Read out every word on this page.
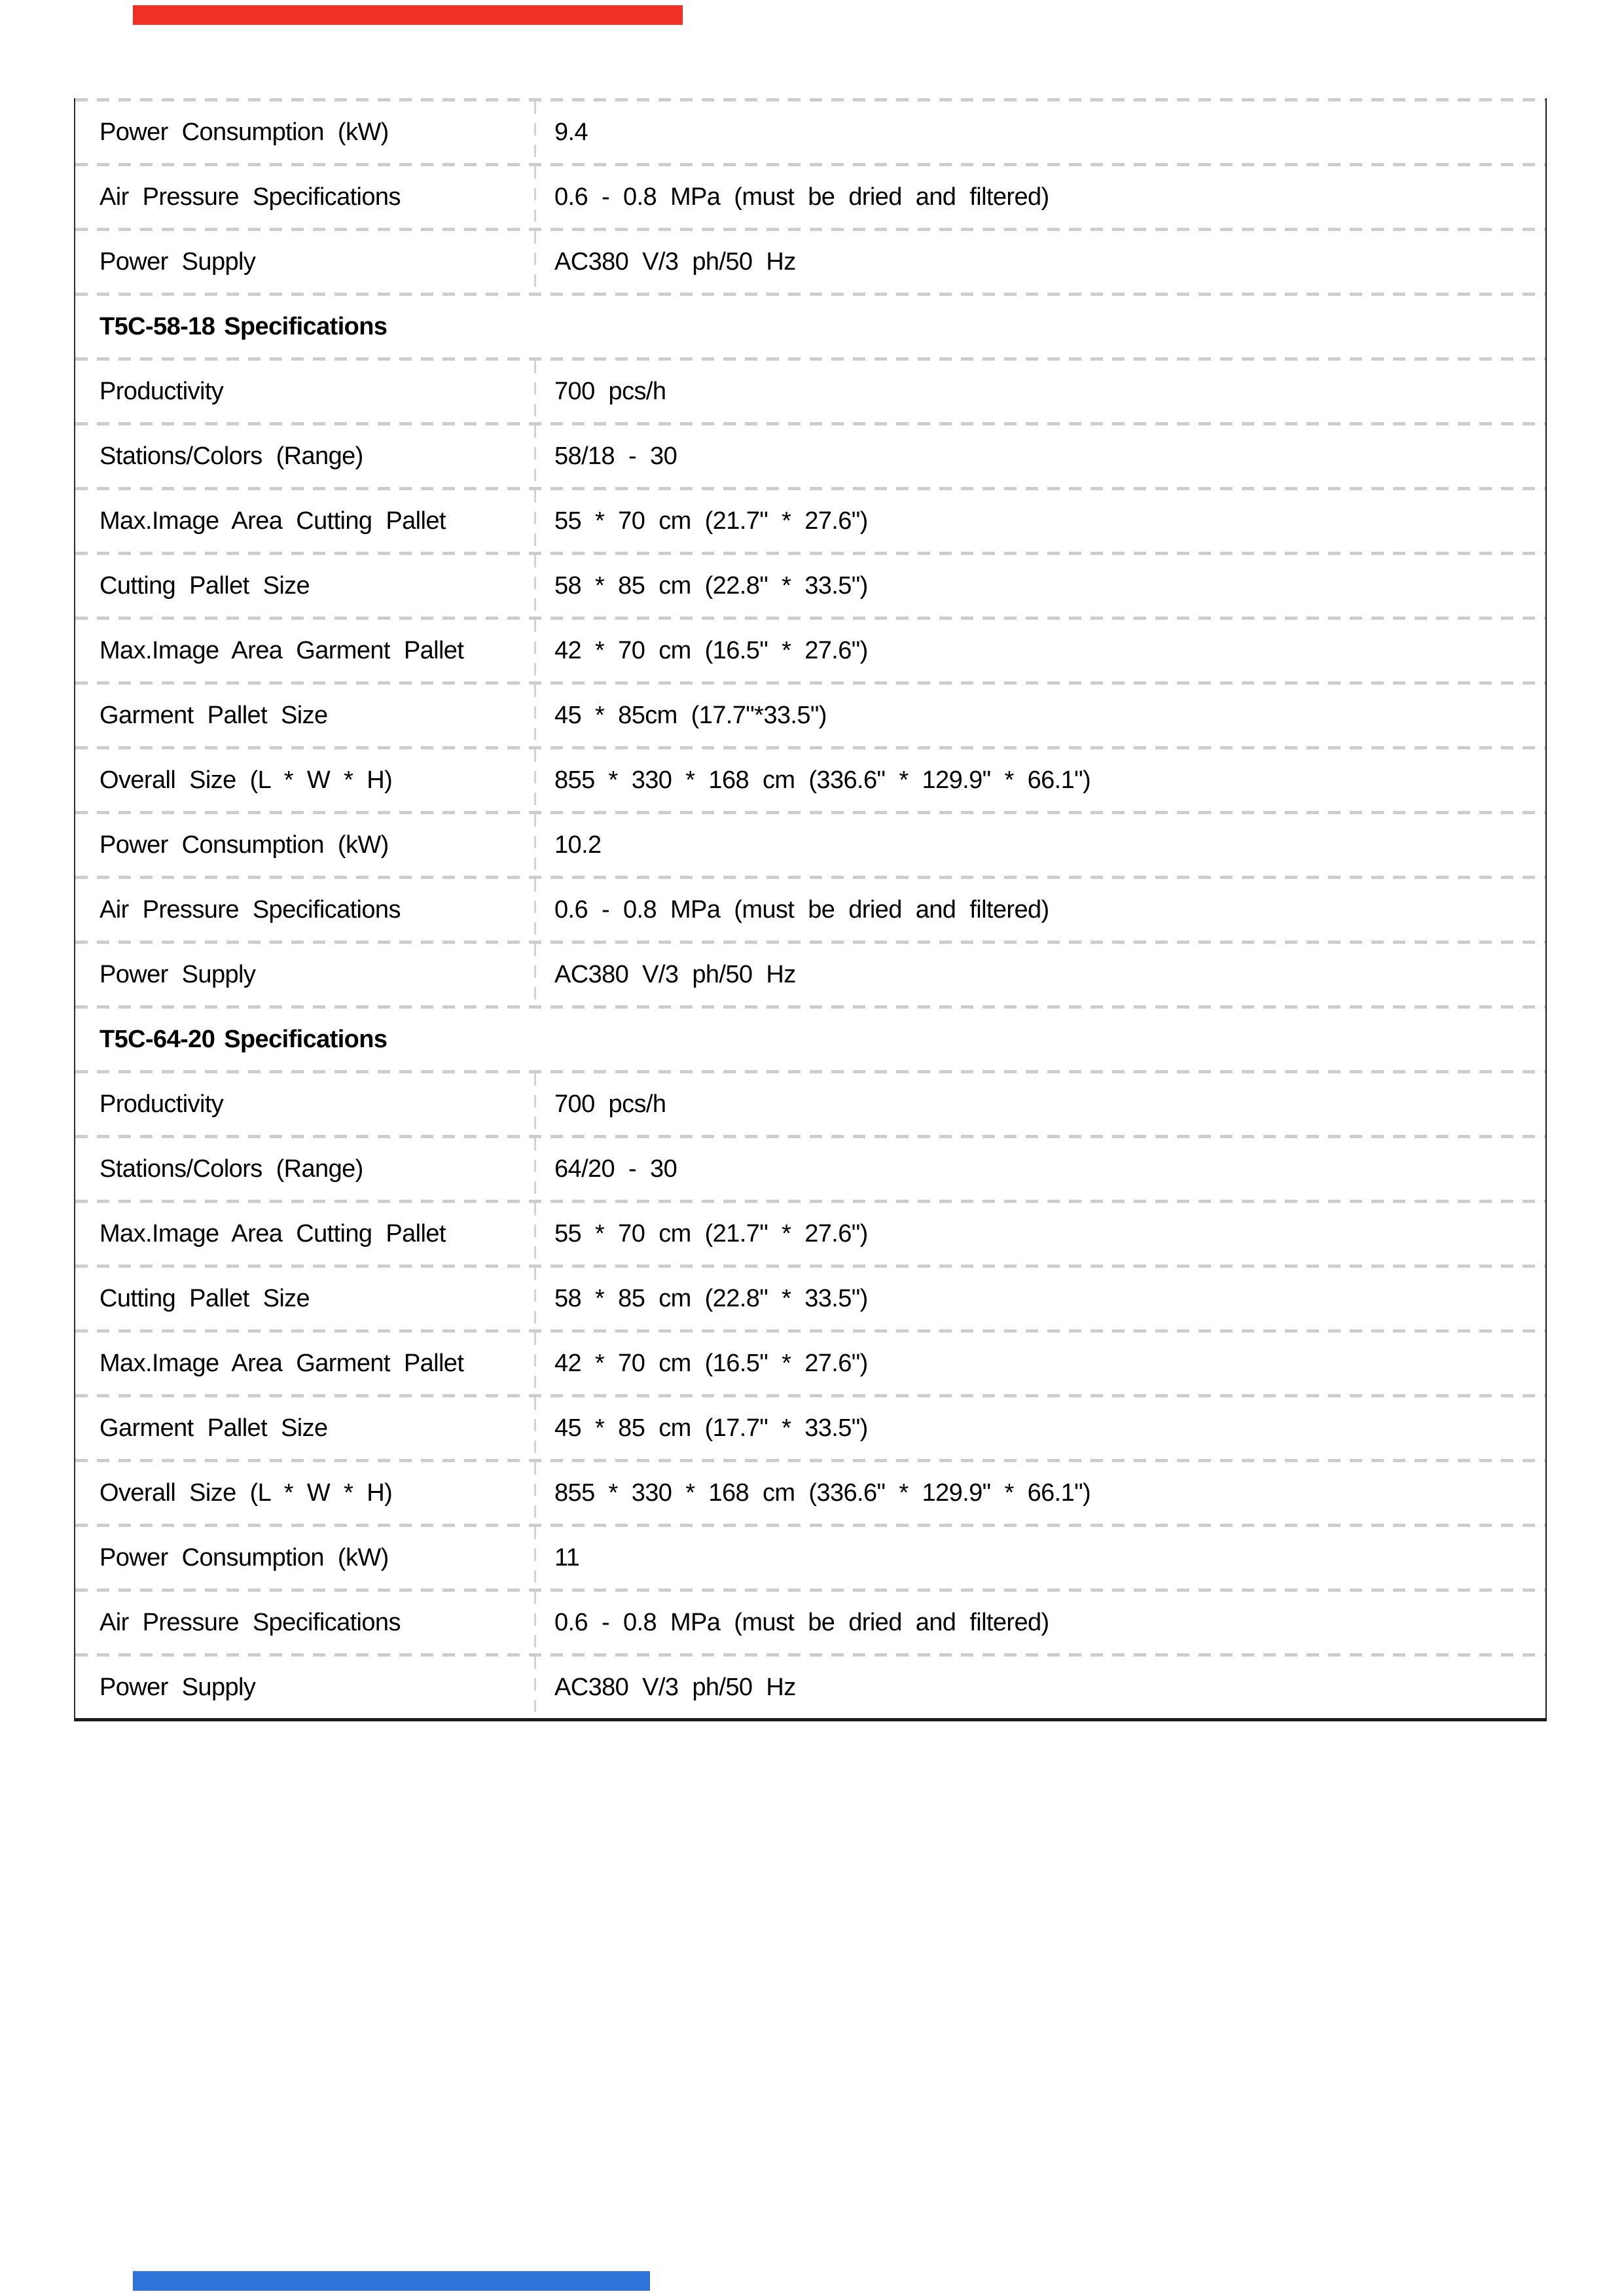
Power Consumption (kW)	9.4
Air Pressure Specifications	0.6 - 0.8 MPa (must be dried and filtered)
Power Supply	AC380 V/3 ph/50 Hz
T5C-58-18 Specifications
Productivity	700 pcs/h
Stations/Colors (Range)	58/18 - 30
Max.Image Area Cutting Pallet	55 * 70 cm (21.7" * 27.6")
Cutting Pallet Size	58 * 85 cm (22.8" * 33.5")
Max.Image Area Garment Pallet	42 * 70 cm (16.5" * 27.6")
Garment Pallet Size	45 * 85cm (17.7"*33.5")
Overall Size (L * W * H)	855 * 330 * 168 cm (336.6" * 129.9" * 66.1")
Power Consumption (kW)	10.2
Air Pressure Specifications	0.6 - 0.8 MPa (must be dried and filtered)
Power Supply	AC380 V/3 ph/50 Hz
T5C-64-20 Specifications
Productivity	700 pcs/h
Stations/Colors (Range)	64/20 - 30
Max.Image Area Cutting Pallet	55 * 70 cm (21.7" * 27.6")
Cutting Pallet Size	58 * 85 cm (22.8" * 33.5")
Max.Image Area Garment Pallet	42 * 70 cm (16.5" * 27.6")
Garment Pallet Size	45 * 85 cm (17.7" * 33.5")
Overall Size (L * W * H)	855 * 330 * 168 cm (336.6" * 129.9" * 66.1")
Power Consumption (kW)	11
Air Pressure Specifications	0.6 - 0.8 MPa (must be dried and filtered)
Power Supply	AC380 V/3 ph/50 Hz
